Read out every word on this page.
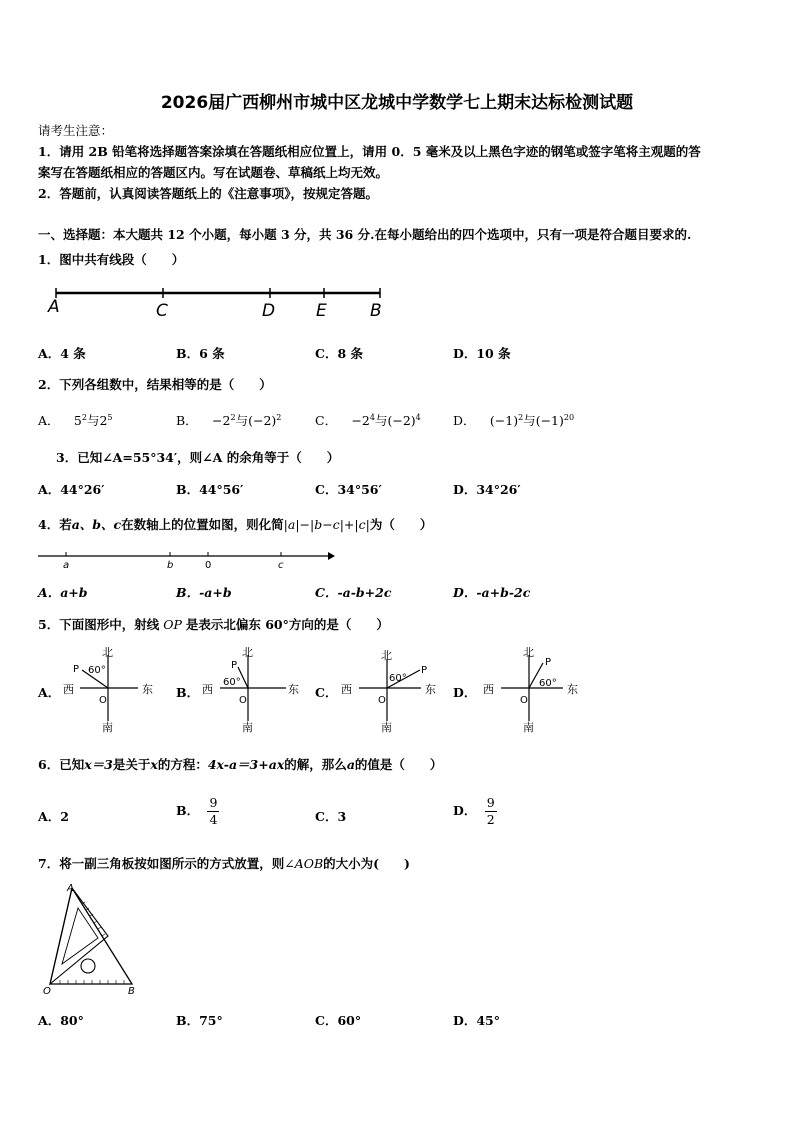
2026届广西柳州市城中区龙城中学数学七上期末达标检测试题
请考生注意：
1．请用 2B 铅笔将选择题答案涂填在答题纸相应位置上，请用 0．5 毫米及以上黑色字迹的钢笔或签字笔将主观题的答
案写在答题纸相应的答题区内。写在试题卷、草稿纸上均无效。
2．答题前，认真阅读答题纸上的《注意事项》，按规定答题。
一、选择题：本大题共 12 个小题，每小题 3 分，共 36 分.在每小题给出的四个选项中，只有一项是符合题目要求的.
1．图中共有线段（　　）
A	C	D E	B
A．4 条	B．6 条	C．8 条	D．10 条
2．下列各组数中，结果相等的是（　　）
A． $5^2$与$2^5$	B． $-2^2$与$(-2)^2$	C． $-2^4$与$(-2)^4$	D． $(-1)^2$与$(-1)^{20}$
3．已知∠A=55°34′，则∠A 的余角等于（　　）
A．44°26′	B．44°56′	C．34°56′	D．34°26′
4．若a、b、c在数轴上的位置如图，则化简|a|−|b−c|+|c|为（　　）
a	b	0	c
A．a+b	B．-a+b	C．-a-b+2c	D．-a+b-2c
5．下面图形中，射线 OP 是表示北偏东 60°方向的是（　　）
A．
北
南
东
西
P
O
60°
B．
北
南
东
西
P
O
60°
C．
北
南
东
西
P
O
60°
D．
北
南
东
西
P
O
60°
6．已知x＝3是关于x的方程：4x-a＝3+ax的解，那么a的值是（　　）
A．2	B． $\frac{9}{4}$	C．3	D． $\frac{9}{2}$
7．将一副三角板按如图所示的方式放置，则∠AOB的大小为(　　)
A
O	B
A．80°	B．75°	C．60°	D．45°
